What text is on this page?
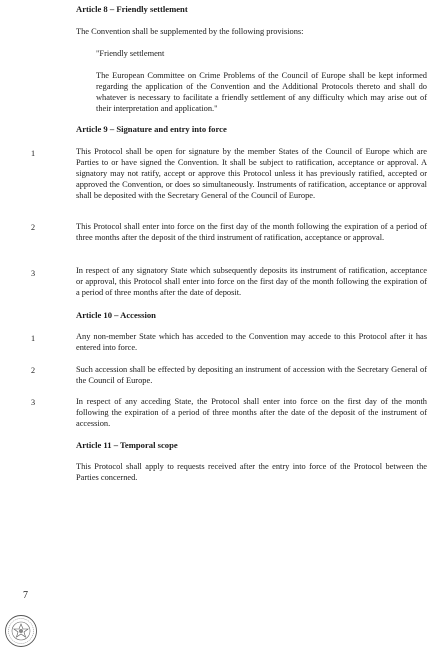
Article 8 – Friendly settlement
The Convention shall be supplemented by the following provisions:
"Friendly settlement
The European Committee on Crime Problems of the Council of Europe shall be kept informed regarding the application of the Convention and the Additional Protocols thereto and shall do whatever is necessary to facilitate a friendly settlement of any difficulty which may arise out of their interpretation and application."
Article 9 – Signature and entry into force
1	This Protocol shall be open for signature by the member States of the Council of Europe which are Parties to or have signed the Convention. It shall be subject to ratification, acceptance or approval. A signatory may not ratify, accept or approve this Protocol unless it has previously ratified, accepted or approved the Convention, or does so simultaneously. Instruments of ratification, acceptance or approval shall be deposited with the Secretary General of the Council of Europe.
2	This Protocol shall enter into force on the first day of the month following the expiration of a period of three months after the deposit of the third instrument of ratification, acceptance or approval.
3	In respect of any signatory State which subsequently deposits its instrument of ratification, acceptance or approval, this Protocol shall enter into force on the first day of the month following the expiration of a period of three months after the date of deposit.
Article 10 – Accession
1	Any non-member State which has acceded to the Convention may accede to this Protocol after it has entered into force.
2	Such accession shall be effected by depositing an instrument of accession with the Secretary General of the Council of Europe.
3	In respect of any acceding State, the Protocol shall enter into force on the first day of the month following the expiration of a period of three months after the date of the deposit of the instrument of accession.
Article 11 – Temporal scope
This Protocol shall apply to requests received after the entry into force of the Protocol between the Parties concerned.
7
